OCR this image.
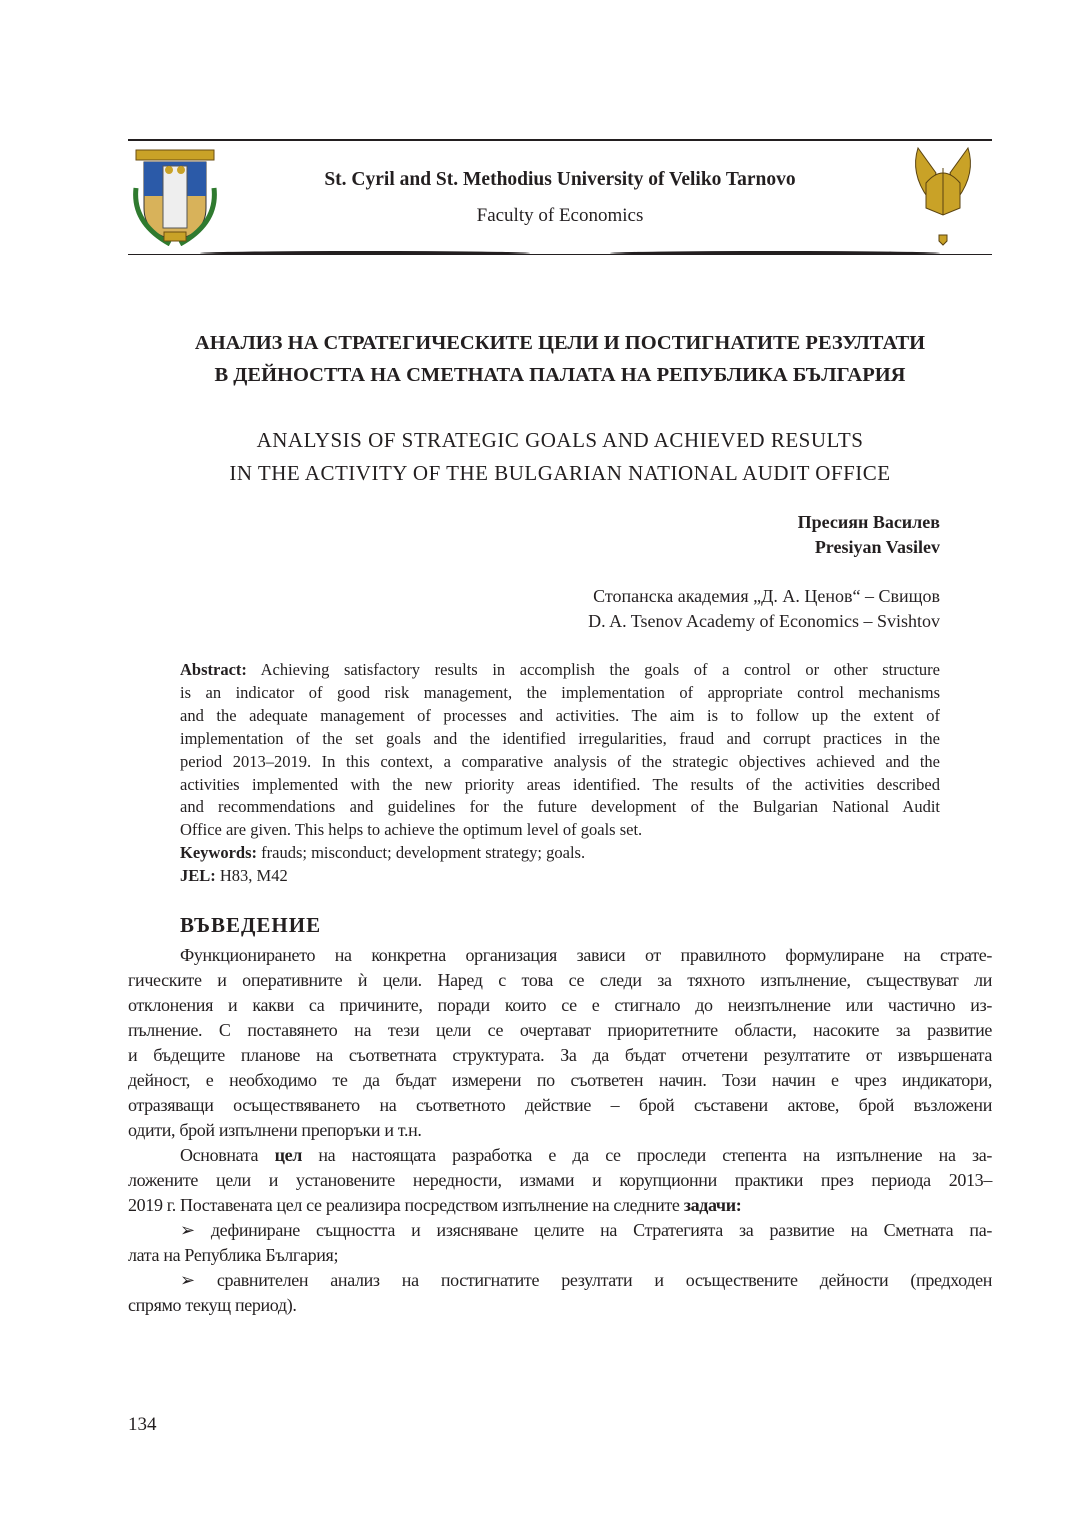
St. Cyril and St. Methodius University of Veliko Tarnovo
Faculty of Economics
АНАЛИЗ НА СТРАТЕГИЧЕСКИТЕ ЦЕЛИ И ПОСТИГНАТИТЕ РЕЗУЛТАТИ
В ДЕЙНОСТТА НА СМЕТНАТА ПАЛАТА НА РЕПУБЛИКА БЪЛГАРИЯ
ANALYSIS OF STRATEGIC GOALS AND ACHIEVED RESULTS
IN THE ACTIVITY OF THE BULGARIAN NATIONAL AUDIT OFFICE
Пресиян Василев
Presiyan Vasilev
Стопанска академия „Д. А. Ценов“ – Свищов
D. A. Tsenov Academy of Economics – Svishtov
Abstract: Achieving satisfactory results in accomplish the goals of a control or other structure
is an indicator of good risk management, the implementation of appropriate control mechanisms
and the adequate management of processes and activities. The aim is to follow up the extent of
implementation of the set goals and the identified irregularities, fraud and corrupt practices in the
period 2013–2019. In this context, a comparative analysis of the strategic objectives achieved and the
activities implemented with the new priority areas identified. The results of the activities described
and recommendations and guidelines for the future development of the Bulgarian National Audit
Office are given. This helps to achieve the optimum level of goals set.
Keywords: frauds; misconduct; development strategy; goals.
JEL: H83, M42
ВЪВЕДЕНИЕ
Функционирането на конкретна организация зависи от правилното формулиране на страте-
гическите и оперативните ѝ цели. Наред с това се следи за тяхното изпълнение, съществуват ли
отклонения и какви са причините, поради които се е стигнало до неизпълнение или частично из-
пълнение. С поставянето на тези цели се очертават приоритетните области, насоките за развитие
и бъдещите планове на съответната структурата. За да бъдат отчетени резултатите от извършената
дейност, е необходимо те да бъдат измерени по съответен начин. Този начин е чрез индикатори,
отразяващи осъществяването на съответното действие – брой съставени актове, брой възложени
одити, брой изпълнени препоръки и т.н.
Основната цел на настоящата разработка е да се проследи степента на изпълнение на за-
ложените цели и установените нередности, измами и корупционни практики през периода 2013–
2019 г. Поставената цел се реализира посредством изпълнение на следните задачи:
➢ дефиниране същността и изясняване целите на Стратегията за развитие на Сметната па-
лата на Република България;
➢ сравнителен анализ на постигнатите резултати и осъществените дейности (предходен
спрямо текущ период).
134
